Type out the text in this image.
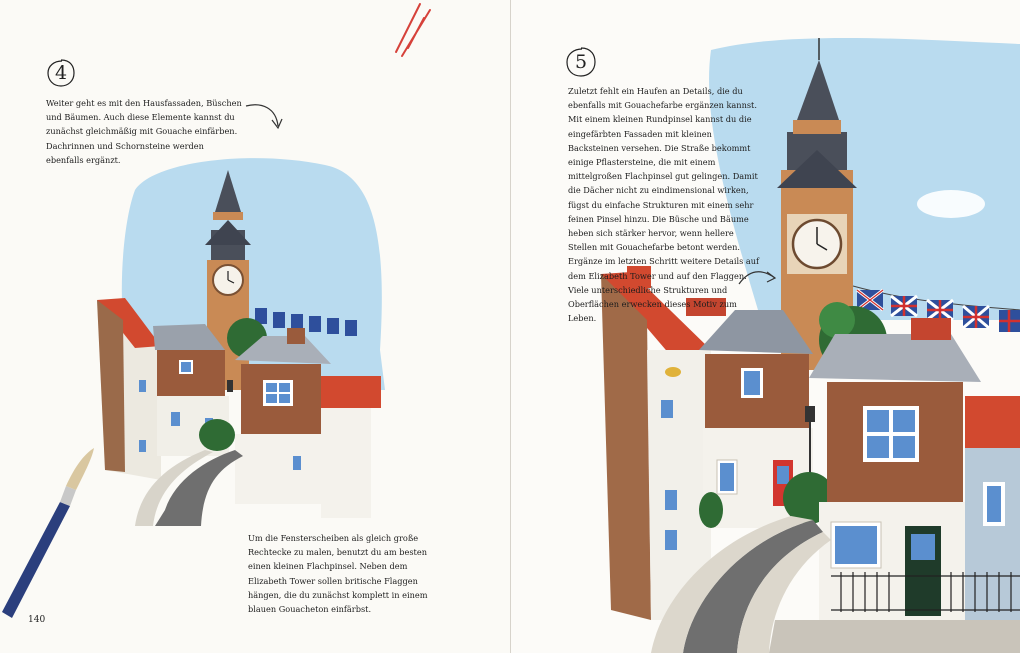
4

Weiter geht es mit den Hausfassaden, Büschen und Bäumen. Auch diese Elemente kannst du zunächst gleichmäßig mit Gouache einfärben. Dachrinnen und Schornsteine werden ebenfalls ergänzt.

Um die Fensterscheiben als gleich große Rechtecke zu malen, benutzt du am besten einen kleinen Flachpinsel. Neben dem Elizabeth Tower sollen britische Flaggen hängen, die du zunächst komplett in einem blauen Gouacheton einfärbst.

140
5

Zuletzt fehlt ein Haufen an Details, die du ebenfalls mit Gouachefarbe ergänzen kannst. Mit einem kleinen Rundpinsel kannst du die eingefärbten Fassaden mit kleinen Backsteinen versehen. Die Straße bekommt einige Pflastersteine, die mit einem mittelgroßen Flachpinsel gut gelingen. Damit die Dächer nicht zu eindimensional wirken, fügst du einfache Strukturen mit einem sehr feinen Pinsel hinzu. Die Büsche und Bäume heben sich stärker hervor, wenn hellere Stellen mit Gouachefarbe betont werden. Ergänze im letzten Schritt weitere Details auf dem Elizabeth Tower und auf den Flaggen. Viele unterschiedliche Strukturen und Oberflächen erwecken dieses Motiv zum Leben.
